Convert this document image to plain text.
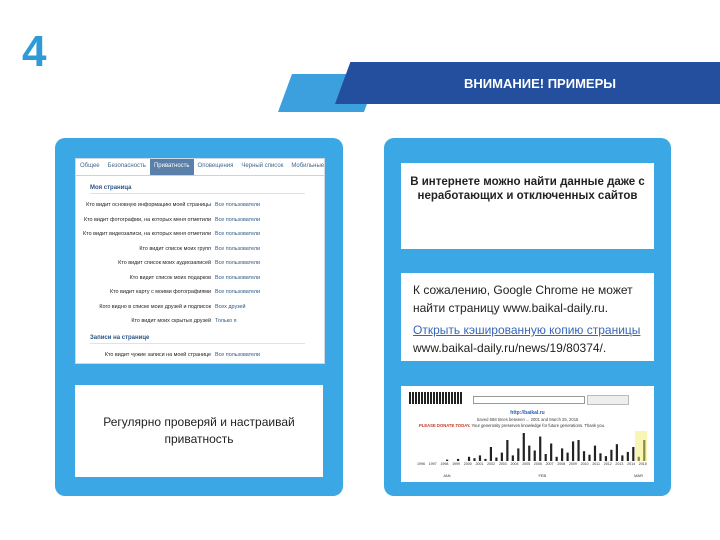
4
ВНИМАНИЕ! ПРИМЕРЫ
Общее	Безопасность	Приватность	Оповещения	Черный список	Мобильные
Моя страница
Кто видит основную информацию моей страницы Все пользователи
Кто видит фотографии, на которых меня отметили Все пользователи
Кто видит видеозаписи, на которых меня отметили Все пользователи
Кто видит список моих групп Все пользователи
Кто видит список моих аудиозаписей Все пользователи
Кто видит список моих подарков Все пользователи
Кто видит карту с моими фотографиями Все пользователи
Кого видно в списке моих друзей и подписок Всех друзей
Кто видит моих скрытых друзей Только я
Записи на странице
Кто видит чужие записи на моей странице Все пользователи
Регулярно проверяй и настраивай приватность
В интернете можно найти данные даже с неработающих и отключенных сайтов
К сожалению, Google Chrome не может
найти страницу www.baikal-daily.ru.
Открыть кэшированную копию страницы
www.baikal-daily.ru/news/19/80374/.
http://baikal.ru
Saved 688 times between ... 2001 and March 25, 2015
PLEASE DONATE TODAY. Your generosity preserves knowledge for future generations. Thank you.
1996 1997 1998 1999 2000 2001 2002 2003 2004 2005 2006 2007 2008 2009 2010 2011 2012 2013 2014 2015
JAN	FEB	MAR
